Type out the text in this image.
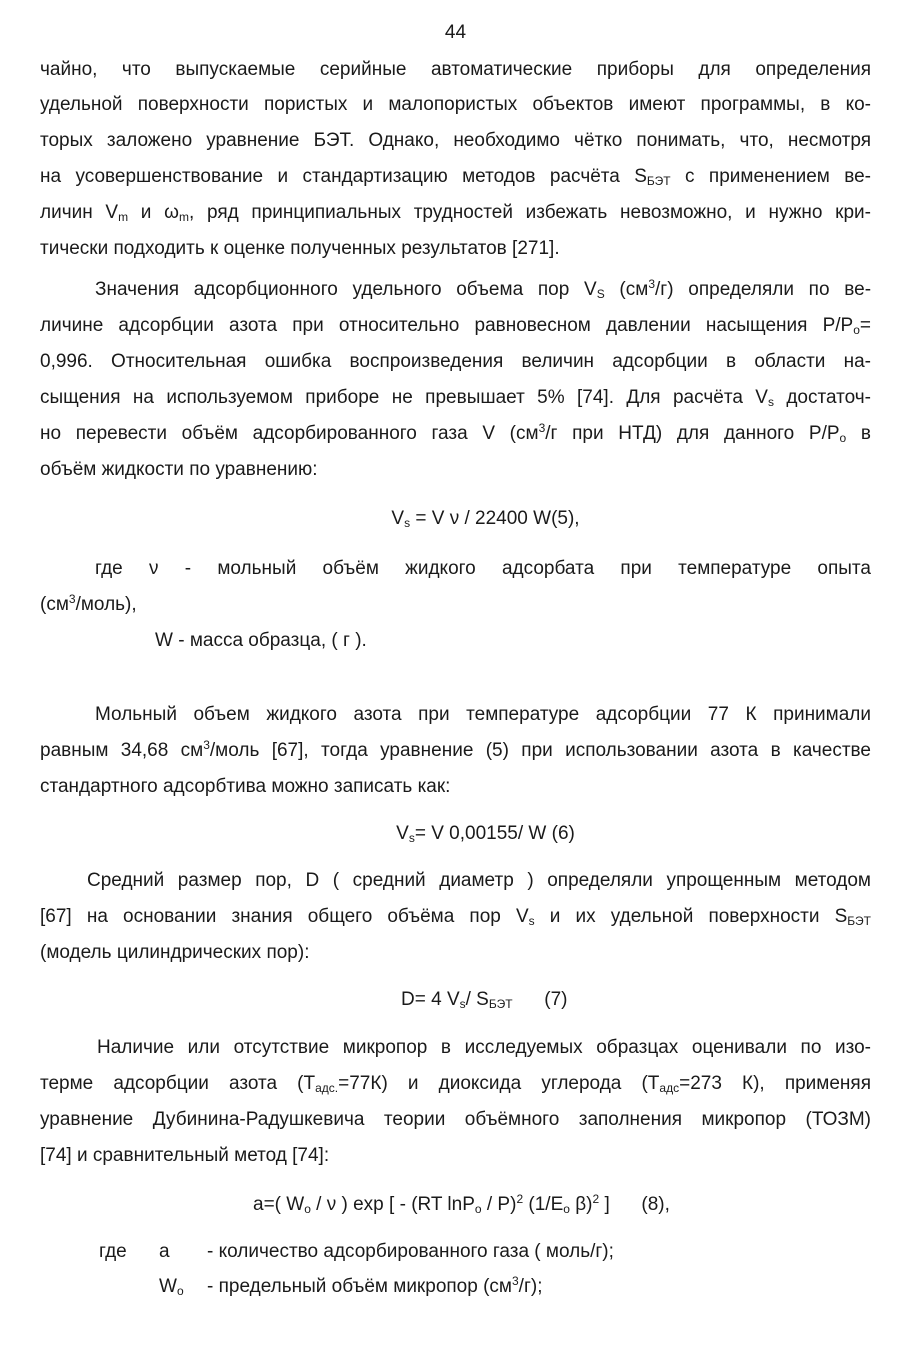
44
чайно, что выпускаемые серийные автоматические приборы для определения
удельной поверхности пористых и малопористых объектов имеют программы, в ко-
торых заложено уравнение БЭТ. Однако, необходимо чётко понимать, что, несмотря
на усовершенствование и стандартизацию методов расчёта $S_{БЭТ}$ с применением ве-
личин $V_m$ и $\omega_m$, ряд принципиальных трудностей избежать невозможно, и нужно кри-
тически подходить к оценке полученных результатов [271].
Значения адсорбционного удельного объема пор $V_S$ $(см^3/г)$ определяли по ве-
личине адсорбции азота при относительно равновесном давлении насыщения $P/P_o=$
0,996. Относительная ошибка воспроизведения величин адсорбции в области на-
сыщения на используемом приборе не превышает 5% [74]. Для расчёта $V_s$ достаточ-
но перевести объём адсорбированного газа V ($см^3/г$ при НТД) для данного $P/P_o$ в
объём жидкости по уравнению:
$V_s = V$ ν / 22400 W(5),
где ν - мольный объём жидкого адсорбата при температуре опыта
$(см^3/моль)$,
W - масса образца, ( г ).
Мольный объем жидкого азота при температуре адсорбции 77 К принимали
равным 34,68 $см^3$/моль [67], тогда уравнение (5) при использовании азота в качестве
стандартного адсорбтива можно записать как:
$V_s= V$ 0,00155/ W (6)
Средний размер пор, D ( средний диаметр ) определяли упрощенным методом
[67] на основании знания общего объёма пор $V_s$ и их удельной поверхности $S_{БЭТ}$
(модель цилиндрических пор):
D= 4 $V_s/$ $S_{БЭТ}$      (7)
Наличие или отсутствие микропор в исследуемых образцах оценивали по изо-
терме адсорбции азота $(T_{адс.}=77К)$ и диоксида углерода ($T_{адс}=273$ К), применяя
уравнение Дубинина-Радушкевича теории объёмного заполнения микропор (ТОЗМ)
[74] и сравнительный метод [74]:
a=( $W_o$ / ν ) exp [ - (RT lnP$_o$ / P)$^2$ ($1/E_o$ β)$^2$ ]      (8),
где a - количество адсорбированного газа ( моль/г);
$W_o$ - предельный объём микропор $(см^3/г)$;
